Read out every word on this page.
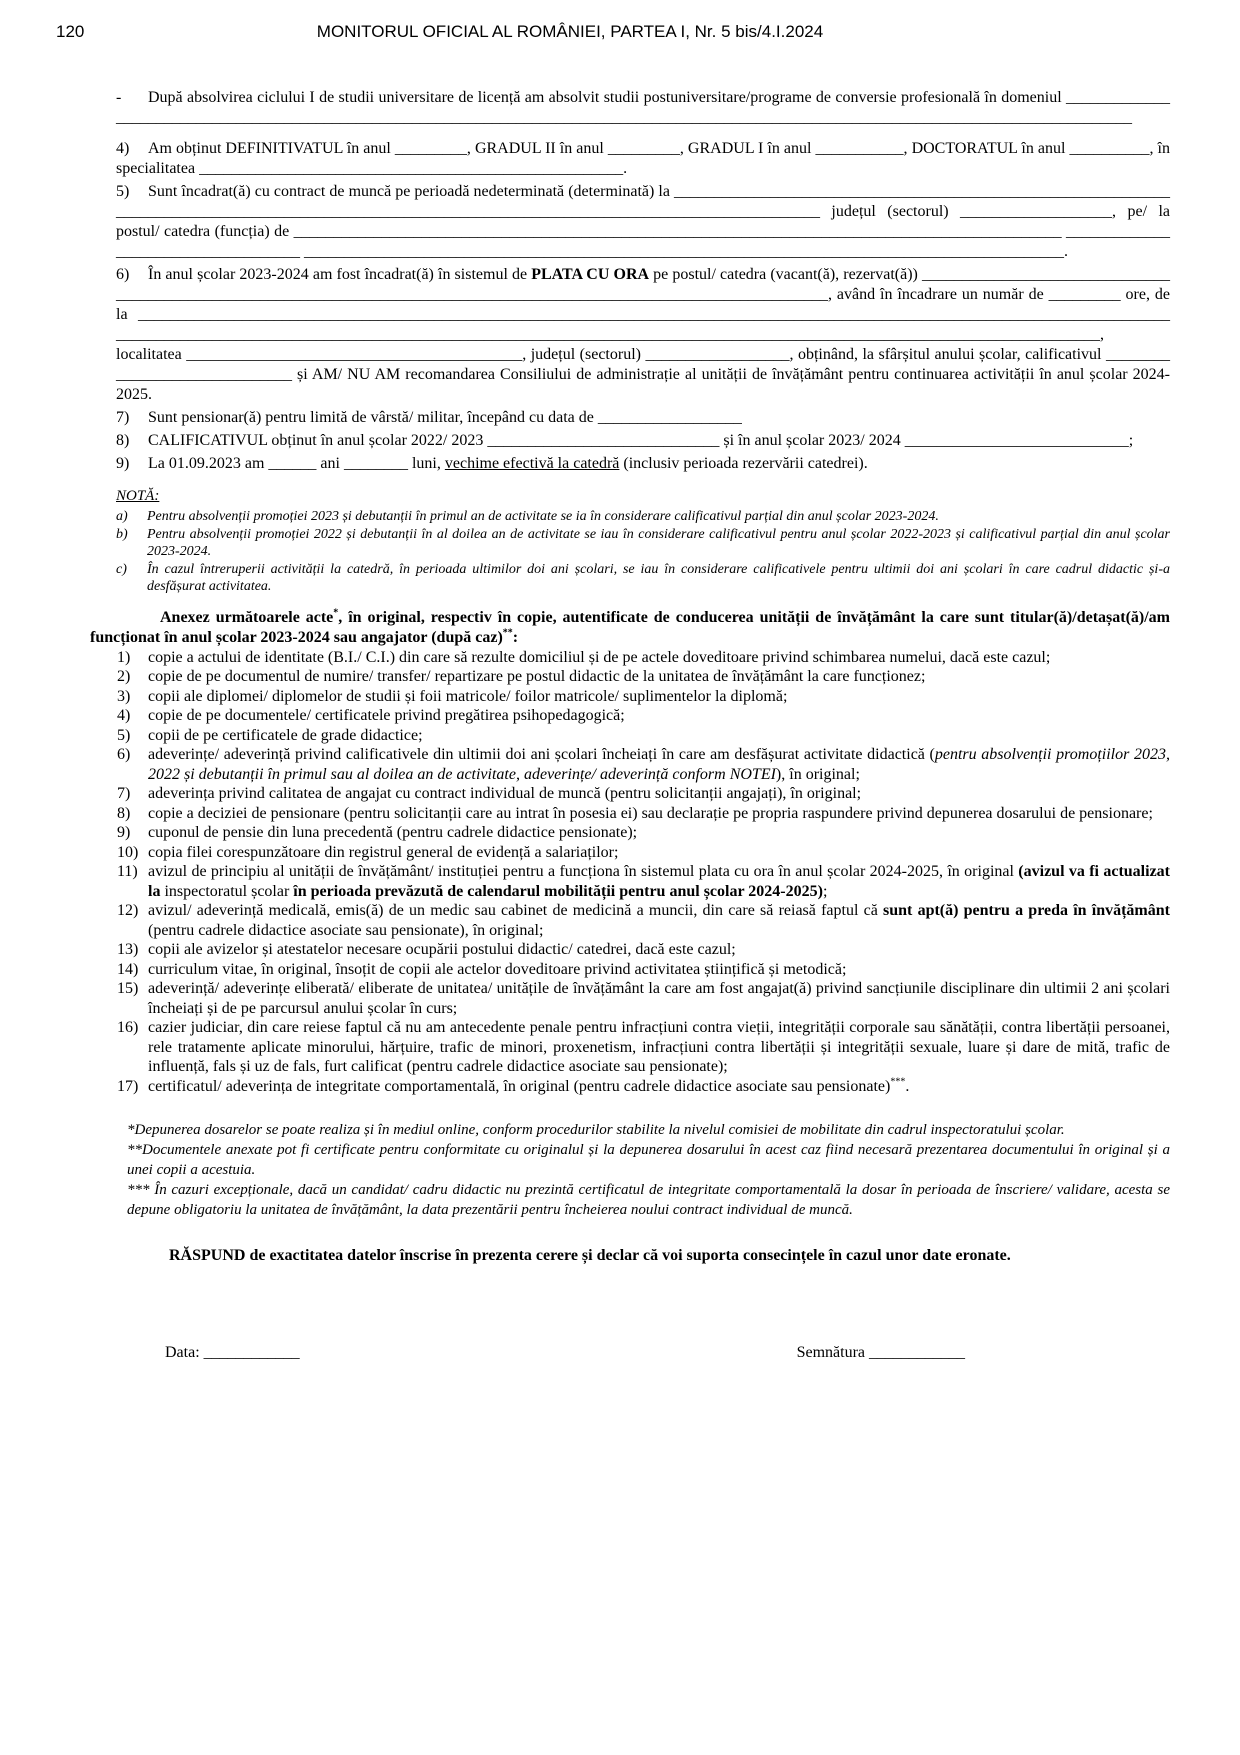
120	MONITORUL OFICIAL AL ROMÂNIEI, PARTEA I, Nr. 5 bis/4.I.2024
- După absolvirea ciclului I de studii universitare de licență am absolvit studii postuniversitare/programe de conversie profesională în domeniul ____________________________________________________________________________________________________________________________________________
4) Am obținut DEFINITIVATUL în anul _________, GRADUL II în anul _________, GRADUL I în anul ___________, DOCTORATUL în anul __________, în specialitatea _____________________________________________________.
5) Sunt încadrat(ă) cu contract de muncă pe perioadă nedeterminată (determinată) la ______________________________________________________________________________________________________________________________________________________ județul (sectorul) ___________________, pe/ la postul/ catedra (funcția) de ________________________________________________________________________________________________ ____________________________________ _______________________________________________________________________________________________.
6) În anul școlar 2023-2024 am fost încadrat(ă) în sistemul de PLATA CU ORA pe postul/ catedra (vacant(ă), rezervat(ă)) ________________________________________________________________________________________________________________________, având în încadrare un număr de _________ ore, de la ____________________________________________________________________________________________________________________________________________________________________________________________________________________________________________________________, localitatea __________________________________________, județul (sectorul) __________________, obținând, la sfârșitul anului școlar, calificativul ______________________________ și AM/ NU AM recomandarea Consiliului de administrație al unității de învățământ pentru continuarea activității în anul școlar 2024-2025.
7) Sunt pensionar(ă) pentru limită de vârstă/ militar, începând cu data de __________________
8) CALIFICATIVUL obținut în anul școlar 2022/ 2023 _____________________________ și în anul școlar 2023/ 2024 ____________________________;
9) La 01.09.2023 am ______ ani ________ luni, vechime efectivă la catedră (inclusiv perioada rezervării catedrei).
NOTĂ:
a)	Pentru absolvenții promoției 2023 și debutanții în primul an de activitate se ia în considerare calificativul parțial din anul școlar 2023-2024.
b)	Pentru absolvenții promoției 2022 și debutanții în al doilea an de activitate se iau în considerare calificativul pentru anul școlar 2022-2023 și calificativul parțial din anul școlar 2023-2024.
c)	În cazul întreruperii activității la catedră, în perioada ultimilor doi ani școlari, se iau în considerare calificativele pentru ultimii doi ani școlari în care cadrul didactic și-a desfășurat activitatea.

Anexez următoarele acte*, în original, respectiv în copie, autentificate de conducerea unității de învățământ la care sunt titular(ă)/detașat(ă)/am funcționat în anul școlar 2023-2024 sau angajator (după caz)**:

1)	copie a actului de identitate (B.I./ C.I.) din care să rezulte domiciliul și de pe actele doveditoare privind schimbarea numelui, dacă este cazul;
2)	copie de pe documentul de numire/ transfer/ repartizare pe postul didactic de la unitatea de învățământ la care funcționez;
3)	copii ale diplomei/ diplomelor de studii și foii matricole/ foilor matricole/ suplimentelor la diplomă;
4)	copie de pe documentele/ certificatele privind pregătirea psihopedagogică;
5)	copii de pe certificatele de grade didactice;
6)	adeverințe/ adeverință privind calificativele din ultimii doi ani școlari încheiați în care am desfășurat activitate didactică (pentru absolvenții promoțiilor 2023, 2022 și debutanții în primul sau al doilea an de activitate, adeverințe/ adeverință conform NOTEI), în original;
7)	adeverința privind calitatea de angajat cu contract individual de muncă (pentru solicitanții angajați), în original;
8)	copie a deciziei de pensionare (pentru solicitanții care au intrat în posesia ei) sau declarație pe propria raspundere privind depunerea dosarului de pensionare;
9)	cuponul de pensie din luna precedentă (pentru cadrele didactice pensionate);
10) copia filei corespunzătoare din registrul general de evidență a salariaților;
11) avizul de principiu al unității de învățământ/ instituției pentru a funcționa în sistemul plata cu ora în anul școlar 2024-2025, în original (avizul va fi actualizat la inspectoratul școlar în perioada prevăzută de calendarul mobilității pentru anul școlar 2024-2025);
12) avizul/ adeverință medicală, emis(ă) de un medic sau cabinet de medicină a muncii, din care să reiasă faptul că sunt apt(ă) pentru a preda în învățământ (pentru cadrele didactice asociate sau pensionate), în original;
13) copii ale avizelor și atestatelor necesare ocupării postului didactic/ catedrei, dacă este cazul;
14) curriculum vitae, în original, însoțit de copii ale actelor doveditoare privind activitatea științifică și metodică;
15) adeverință/ adeverințe eliberată/ eliberate de unitatea/ unitățile de învățământ la care am fost angajat(ă) privind sancțiunile disciplinare din ultimii 2 ani școlari încheiați și de pe parcursul anului școlar în curs;
16) cazier judiciar, din care reiese faptul că nu am antecedente penale pentru infracțiuni contra vieții, integrității corporale sau sănătății, contra libertății persoanei, rele tratamente aplicate minorului, hărțuire, trafic de minori, proxenetism, infracțiuni contra libertății și integrității sexuale, luare și dare de mită, trafic de influență, fals și uz de fals, furt calificat (pentru cadrele didactice asociate sau pensionate);
17) certificatul/ adeverința de integritate comportamentală, în original (pentru cadrele didactice asociate sau pensionate)***.

*Depunerea dosarelor se poate realiza și în mediul online, conform procedurilor stabilite la nivelul comisiei de mobilitate din cadrul inspectoratului școlar.

**Documentele anexate pot fi certificate pentru conformitate cu originalul și la depunerea dosarului în acest caz fiind necesară prezentarea documentului în original și a unei copii a acestuia.

*** În cazuri excepționale, dacă un candidat/ cadru didactic nu prezintă certificatul de integritate comportamentală la dosar în perioada de înscriere/ validare, acesta se depune obligatoriu la unitatea de învățământ, la data prezentării pentru încheierea noului contract individual de muncă.

RĂSPUND de exactitatea datelor înscrise în prezenta cerere și declar că voi suporta consecințele în cazul unor date eronate.

Data: ____________	Semnătura ____________
